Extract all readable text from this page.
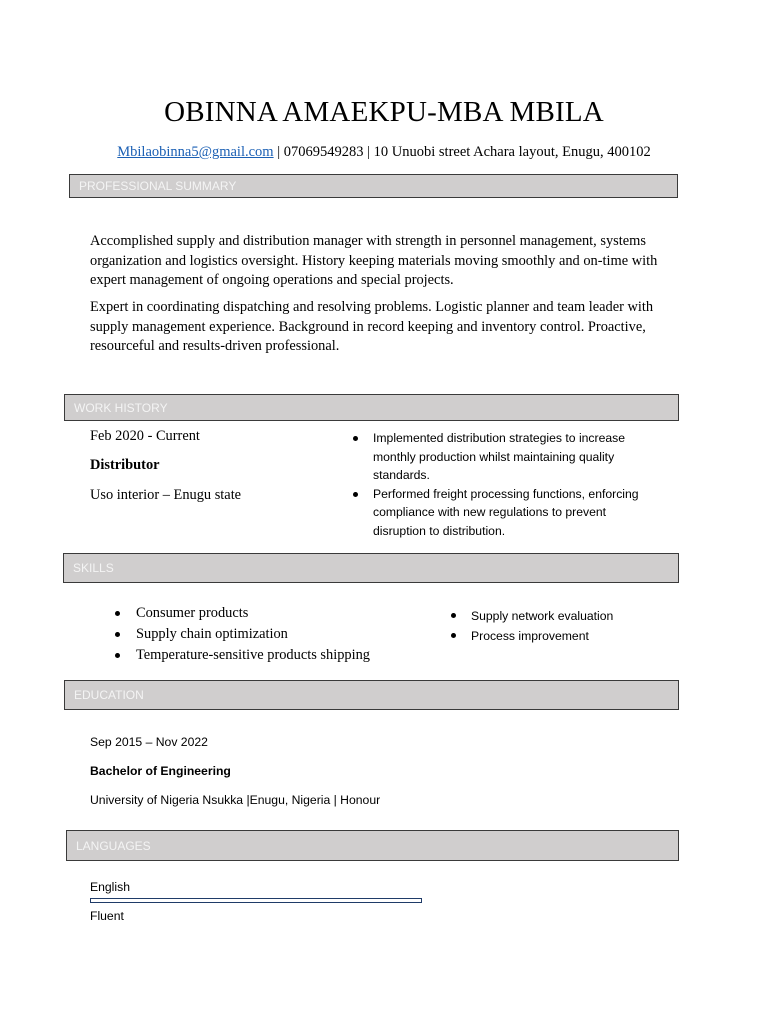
OBINNA AMAEKPU-MBA MBILA
Mbilaobinna5@gmail.com | 07069549283 | 10 Unuobi street Achara layout, Enugu, 400102
PROFESSIONAL SUMMARY
Accomplished supply and distribution manager with strength in personnel management, systems organization and logistics oversight. History keeping materials moving smoothly and on-time with expert management of ongoing operations and special projects.
Expert in coordinating dispatching and resolving problems. Logistic planner and team leader with supply management experience. Background in record keeping and inventory control. Proactive, resourceful and results-driven professional.
WORK HISTORY
Feb 2020 - Current
Distributor
Uso interior – Enugu state
Implemented distribution strategies to increase monthly production whilst maintaining quality standards.
Performed freight processing functions, enforcing compliance with new regulations to prevent disruption to distribution.
SKILLS
Consumer products
Supply chain optimization
Temperature-sensitive products shipping
Supply network evaluation
Process improvement
EDUCATION
Sep 2015 – Nov 2022
Bachelor of Engineering
University of Nigeria Nsukka |Enugu, Nigeria | Honour
LANGUAGES
English
Fluent
